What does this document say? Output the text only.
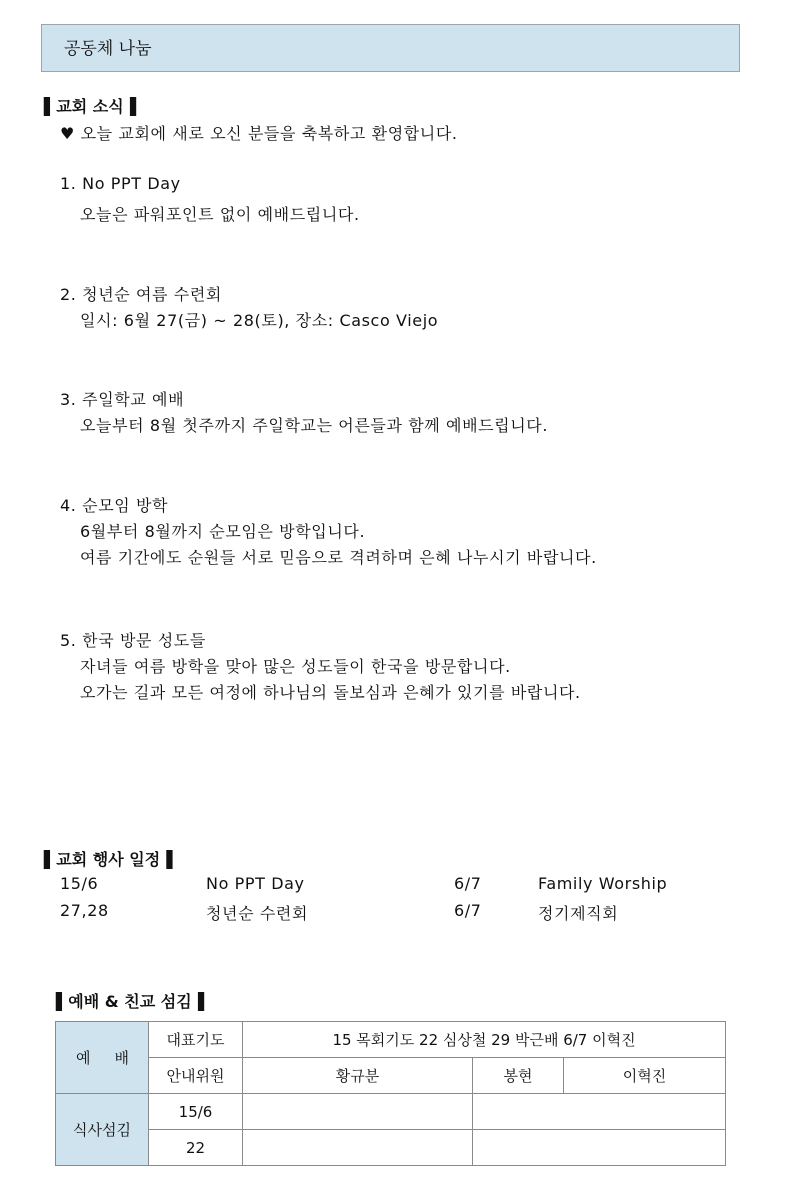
공동체 나눔
▌교회 소식▐
♥ 오늘 교회에 새로 오신 분들을 축복하고 환영합니다.
1. No PPT Day
오늘은 파워포인트 없이 예배드립니다.
2. 청년순 여름 수련회
일시: 6월 27(금) ~ 28(토), 장소: Casco Viejo
3. 주일학교 예배
오늘부터 8월 첫주까지 주일학교는 어른들과 함께 예배드립니다.
4. 순모임 방학
6월부터 8월까지 순모임은 방학입니다.
여름 기간에도 순원들 서로 믿음으로 격려하며 은혜 나누시기 바랍니다.
5. 한국 방문 성도들
자녀들 여름 방학을 맞아 많은 성도들이 한국을 방문합니다.
오가는 길과 모든 여정에 하나님의 돌보심과 은혜가 있기를 바랍니다.
▌교회 행사 일정▐
15/6	No PPT Day	6/7	Family Worship
27,28	청년순 수련회	6/7	정기제직회
▌예배 & 친교 섬김▐
예배	대표기도	15 목회기도 22 심상철 29 박근배 6/7 이혁진		
	안내위원	황규분	봉현	이혁진
식사섬김	15/6			
	22			
